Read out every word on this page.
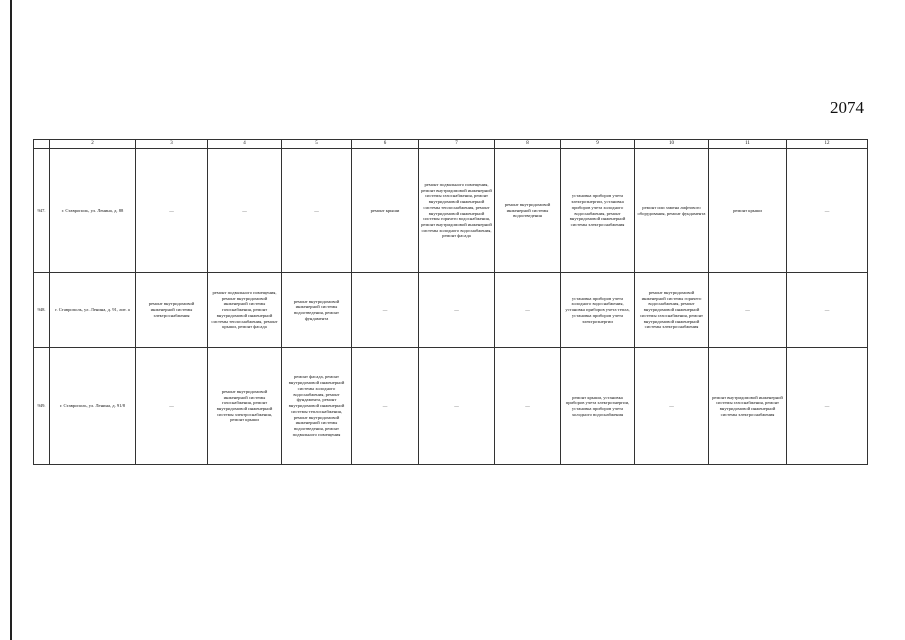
2074
	2	3	4	5	6	7	8	9	10	11	12
947.	г. Ставрополь, ул. Ленина, д. 88	—	—	—	ремонт крыши	ремонт подвального помещения, ремонт внутридомовой инженерной системы газоснабжения, ремонт внутридомовой инженерной системы теплоснабжения, ремонт внутридомовой инженерной системы горячего водоснабжения, ремонт внутридомовой инженерной системы холодного водоснабжения, ремонт фасада	ремонт внутридомовой инженерной системы водоотведения	установка приборов учета электроэнергии, установка приборов учета холодного водоснабжения, ремонт внутридомовой инженерной системы электроснабжения	ремонт или замена лифтового оборудования, ремонт фундамента	ремонт крыши	—
948.	г. Ставрополь, ул. Ленина, д. 91, лит. а	ремонт внутридомовой инженерной системы электроснабжения	ремонт подвального помещения, ремонт внутридомовой инженерной системы газоснабжения, ремонт внутридомовой инженерной системы теплоснабжения, ремонт крыши, ремонт фасада	ремонт внутридомовой инженерной системы водоотведения, ремонт фундамента	—	—	—	установка приборов учета холодного водоснабжения, установка приборов учета тепла, установка приборов учета электроэнергии	ремонт внутридомовой инженерной системы горячего водоснабжения, ремонт внутридомовой инженерной системы газоснабжения, ремонт внутридомовой инженерной системы электроснабжения	—	—
949.	г. Ставрополь, ул. Ленина, д. 91/8	—	ремонт внутридомовой инженерной системы газоснабжения, ремонт внутридомовой инженерной системы электроснабжения, ремонт крыши	ремонт фасада, ремонт внутридомовой инженерной системы холодного водоснабжения, ремонт фундамента, ремонт внутридомовой инженерной системы теплоснабжения, ремонт внутридомовой инженерной системы водоотведения, ремонт подвального помещения	—	—	—	ремонт крыши, установка приборов учета электроэнергии, установка приборов учета холодного водоснабжения	—	ремонт внутридомовой инженерной системы газоснабжения, ремонт внутридомовой инженерной системы электроснабжения	—
